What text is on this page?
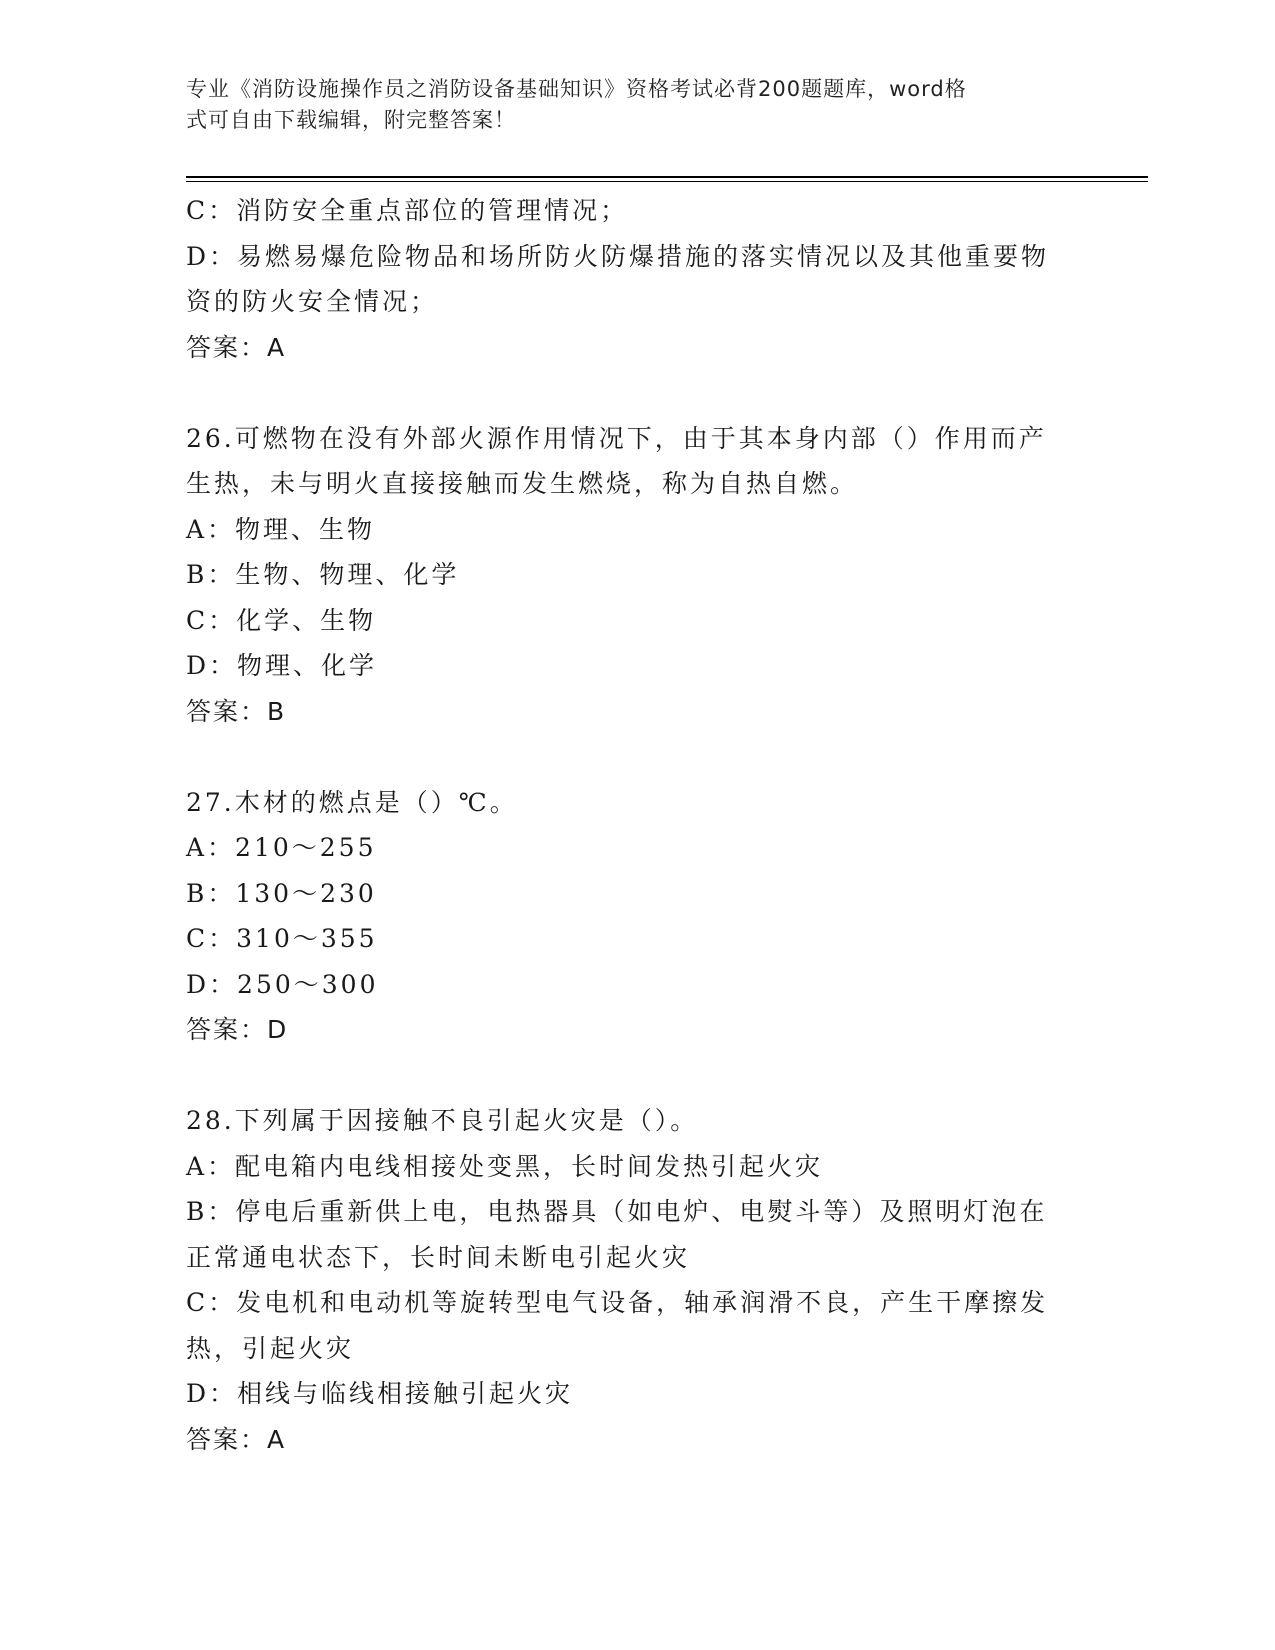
专业《消防设施操作员之消防设备基础知识》资格考试必背200题题库，word格
式可自由下载编辑，附完整答案！
C：消防安全重点部位的管理情况；
D：易燃易爆危险物品和场所防火防爆措施的落实情况以及其他重要物
资的防火安全情况；
答案：A
26.可燃物在没有外部火源作用情况下，由于其本身内部（）作用而产
生热，未与明火直接接触而发生燃烧，称为自热自燃。
A：物理、生物
B：生物、物理、化学
C：化学、生物
D：物理、化学
答案：B
27.木材的燃点是（）℃。
A：210～255
B：130～230
C：310～355
D：250～300
答案：D
28.下列属于因接触不良引起火灾是（）。
A：配电箱内电线相接处变黑，长时间发热引起火灾
B：停电后重新供上电，电热器具（如电炉、电熨斗等）及照明灯泡在
正常通电状态下，长时间未断电引起火灾
C：发电机和电动机等旋转型电气设备，轴承润滑不良，产生干摩擦发
热，引起火灾
D：相线与临线相接触引起火灾
答案：A
